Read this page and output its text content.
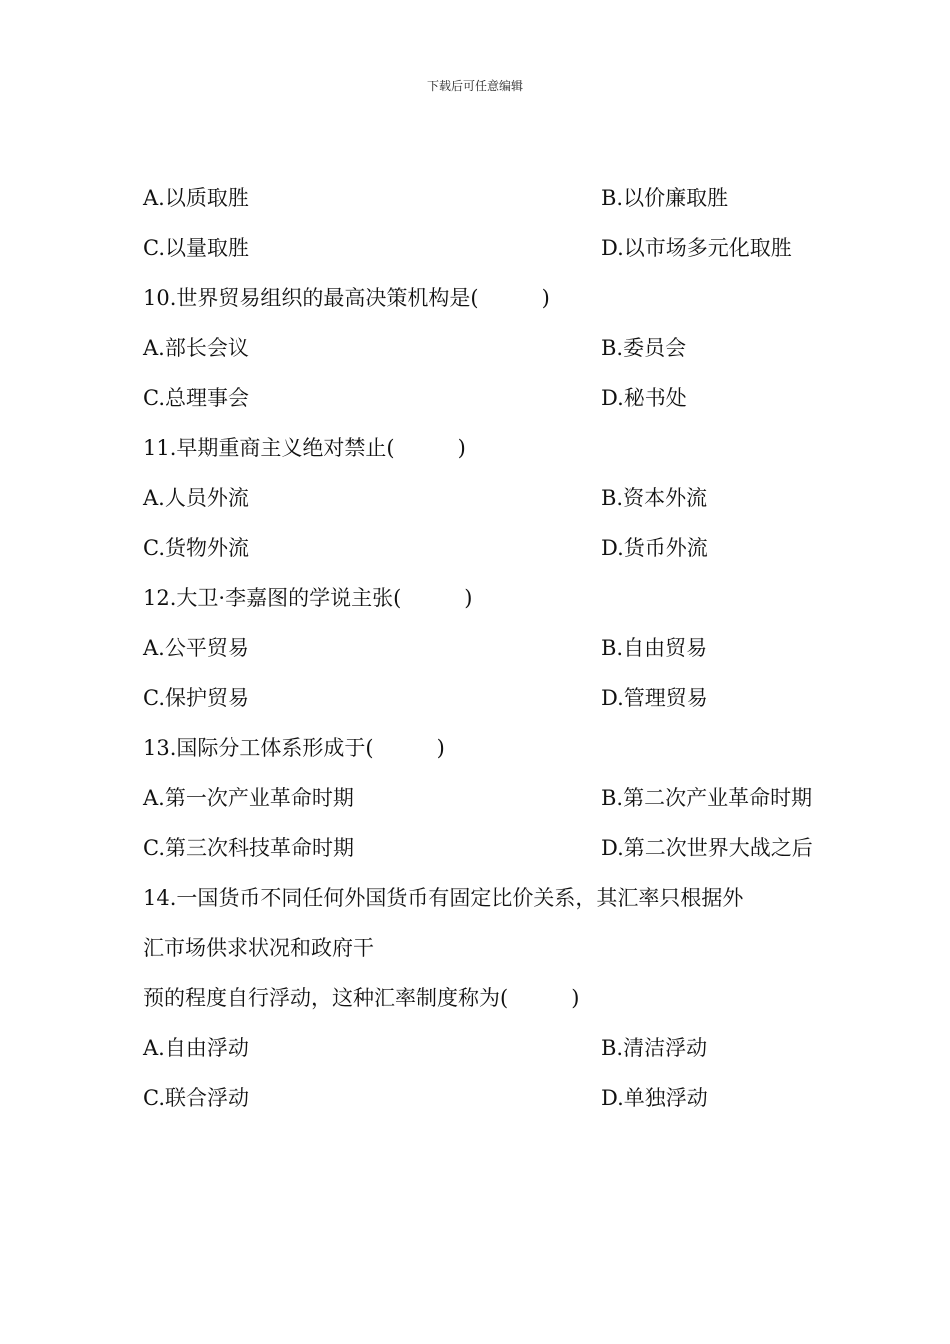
下载后可任意编辑
A.以质取胜	B.以价廉取胜
C.以量取胜	D.以市场多元化取胜
10.世界贸易组织的最高决策机构是(　　　)
A.部长会议	B.委员会
C.总理事会	D.秘书处
11.早期重商主义绝对禁止(　　　)
A.人员外流	B.资本外流
C.货物外流	D.货币外流
12.大卫·李嘉图的学说主张(　　　)
A.公平贸易	B.自由贸易
C.保护贸易	D.管理贸易
13.国际分工体系形成于(　　　)
A.第一次产业革命时期	B.第二次产业革命时期
C.第三次科技革命时期	D.第二次世界大战之后
14.一国货币不同任何外国货币有固定比价关系，其汇率只根据外
汇市场供求状况和政府干
预的程度自行浮动，这种汇率制度称为(　　　)
A.自由浮动	B.清洁浮动
C.联合浮动	D.单独浮动
